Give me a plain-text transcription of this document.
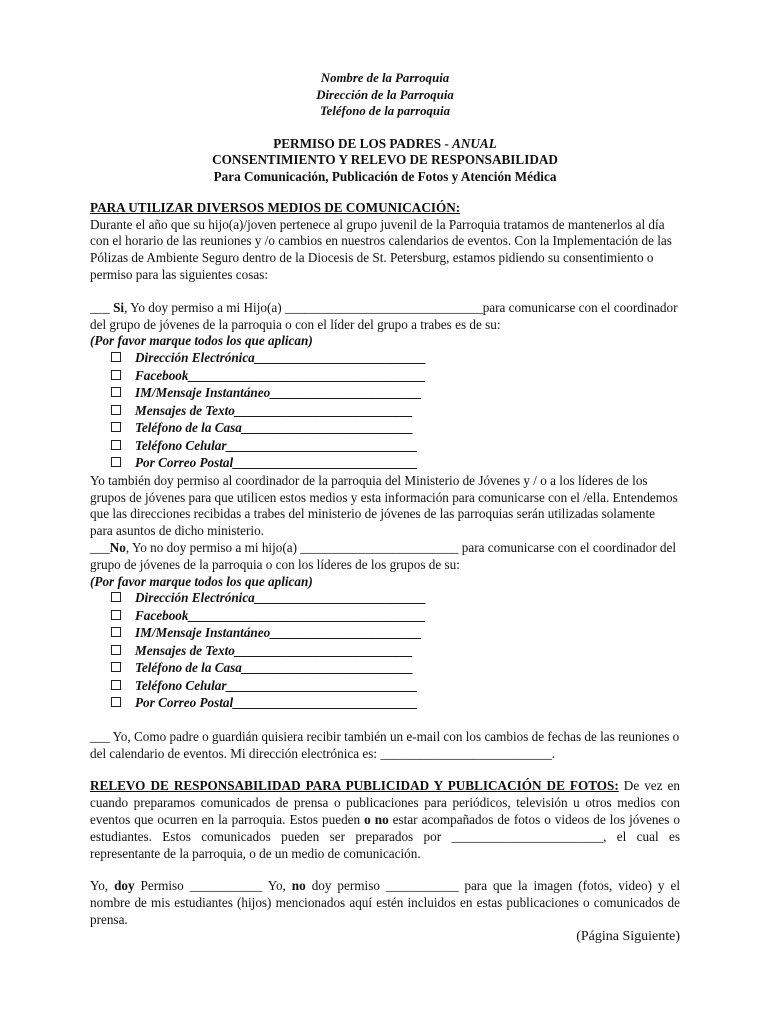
Nombre de la Parroquia
Dirección de la Parroquia
Teléfono de la parroquia
PERMISO DE LOS PADRES - ANUAL
CONSENTIMIENTO Y RELEVO DE RESPONSABILIDAD
Para Comunicación, Publicación de Fotos y Atención Médica
PARA UTILIZAR DIVERSOS MEDIOS DE COMUNICACIÓN:

Durante el año que su hijo(a)/joven pertenece al grupo juvenil de la Parroquia tratamos de mantenerlos al día con el horario de las reuniones y /o cambios en nuestros calendarios de eventos. Con la Implementación de las Pólizas de Ambiente Seguro dentro de la Diocesis de St. Petersburg, estamos pidiendo su consentimiento o permiso para las siguientes cosas:

___ Si, Yo doy permiso a mi Hijo(a) ______________________________para comunicarse con el coordinador del grupo de jóvenes de la parroquia o con el líder del grupo a trabes es de su:

(Por favor marque todos los que aplican)
Dirección Electrónica__________________________
Facebook____________________________________
IM/Mensaje Instantáneo_______________________
Mensajes de Texto___________________________
Teléfono de la Casa__________________________
Teléfono Celular_____________________________
Por Correo Postal____________________________

Yo también doy permiso al coordinador de la parroquia del Ministerio de Jóvenes y / o a los líderes de los grupos de jóvenes para que utilicen estos medios y esta información para comunicarse con el /ella. Entendemos que las direcciones recibidas a trabes del ministerio de jóvenes de las parroquias serán utilizadas solamente para asuntos de dicho ministerio.

___No, Yo no doy permiso a mi hijo(a) ________________________ para comunicarse con el coordinador del grupo de jóvenes de la parroquia o con los líderes de los grupos de su:

(Por favor marque todos los que aplican)
Dirección Electrónica__________________________
Facebook____________________________________
IM/Mensaje Instantáneo_______________________
Mensajes de Texto___________________________
Teléfono de la Casa__________________________
Teléfono Celular_____________________________
Por Correo Postal____________________________

___ Yo, Como padre o guardián quisiera recibir también un e-mail con los cambios de fechas de las reuniones o del calendario de eventos. Mi dirección electrónica es: __________________________.

RELEVO DE RESPONSABILIDAD PARA PUBLICIDAD Y PUBLICACIÓN DE FOTOS: De vez en cuando preparamos comunicados de prensa o publicaciones para periódicos, televisión u otros medios con eventos que ocurren en la parroquia. Estos pueden o no estar acompañados de fotos o videos de los jóvenes o estudiantes. Estos comunicados pueden ser preparados por _______________________, el cual es representante de la parroquia, o de un medio de comunicación.

Yo, doy Permiso ___________ Yo, no doy permiso ___________ para que la imagen (fotos, video) y el nombre de mis estudiantes (hijos) mencionados aquí estén incluidos en estas publicaciones o comunicados de prensa.

(Página Siguiente)
